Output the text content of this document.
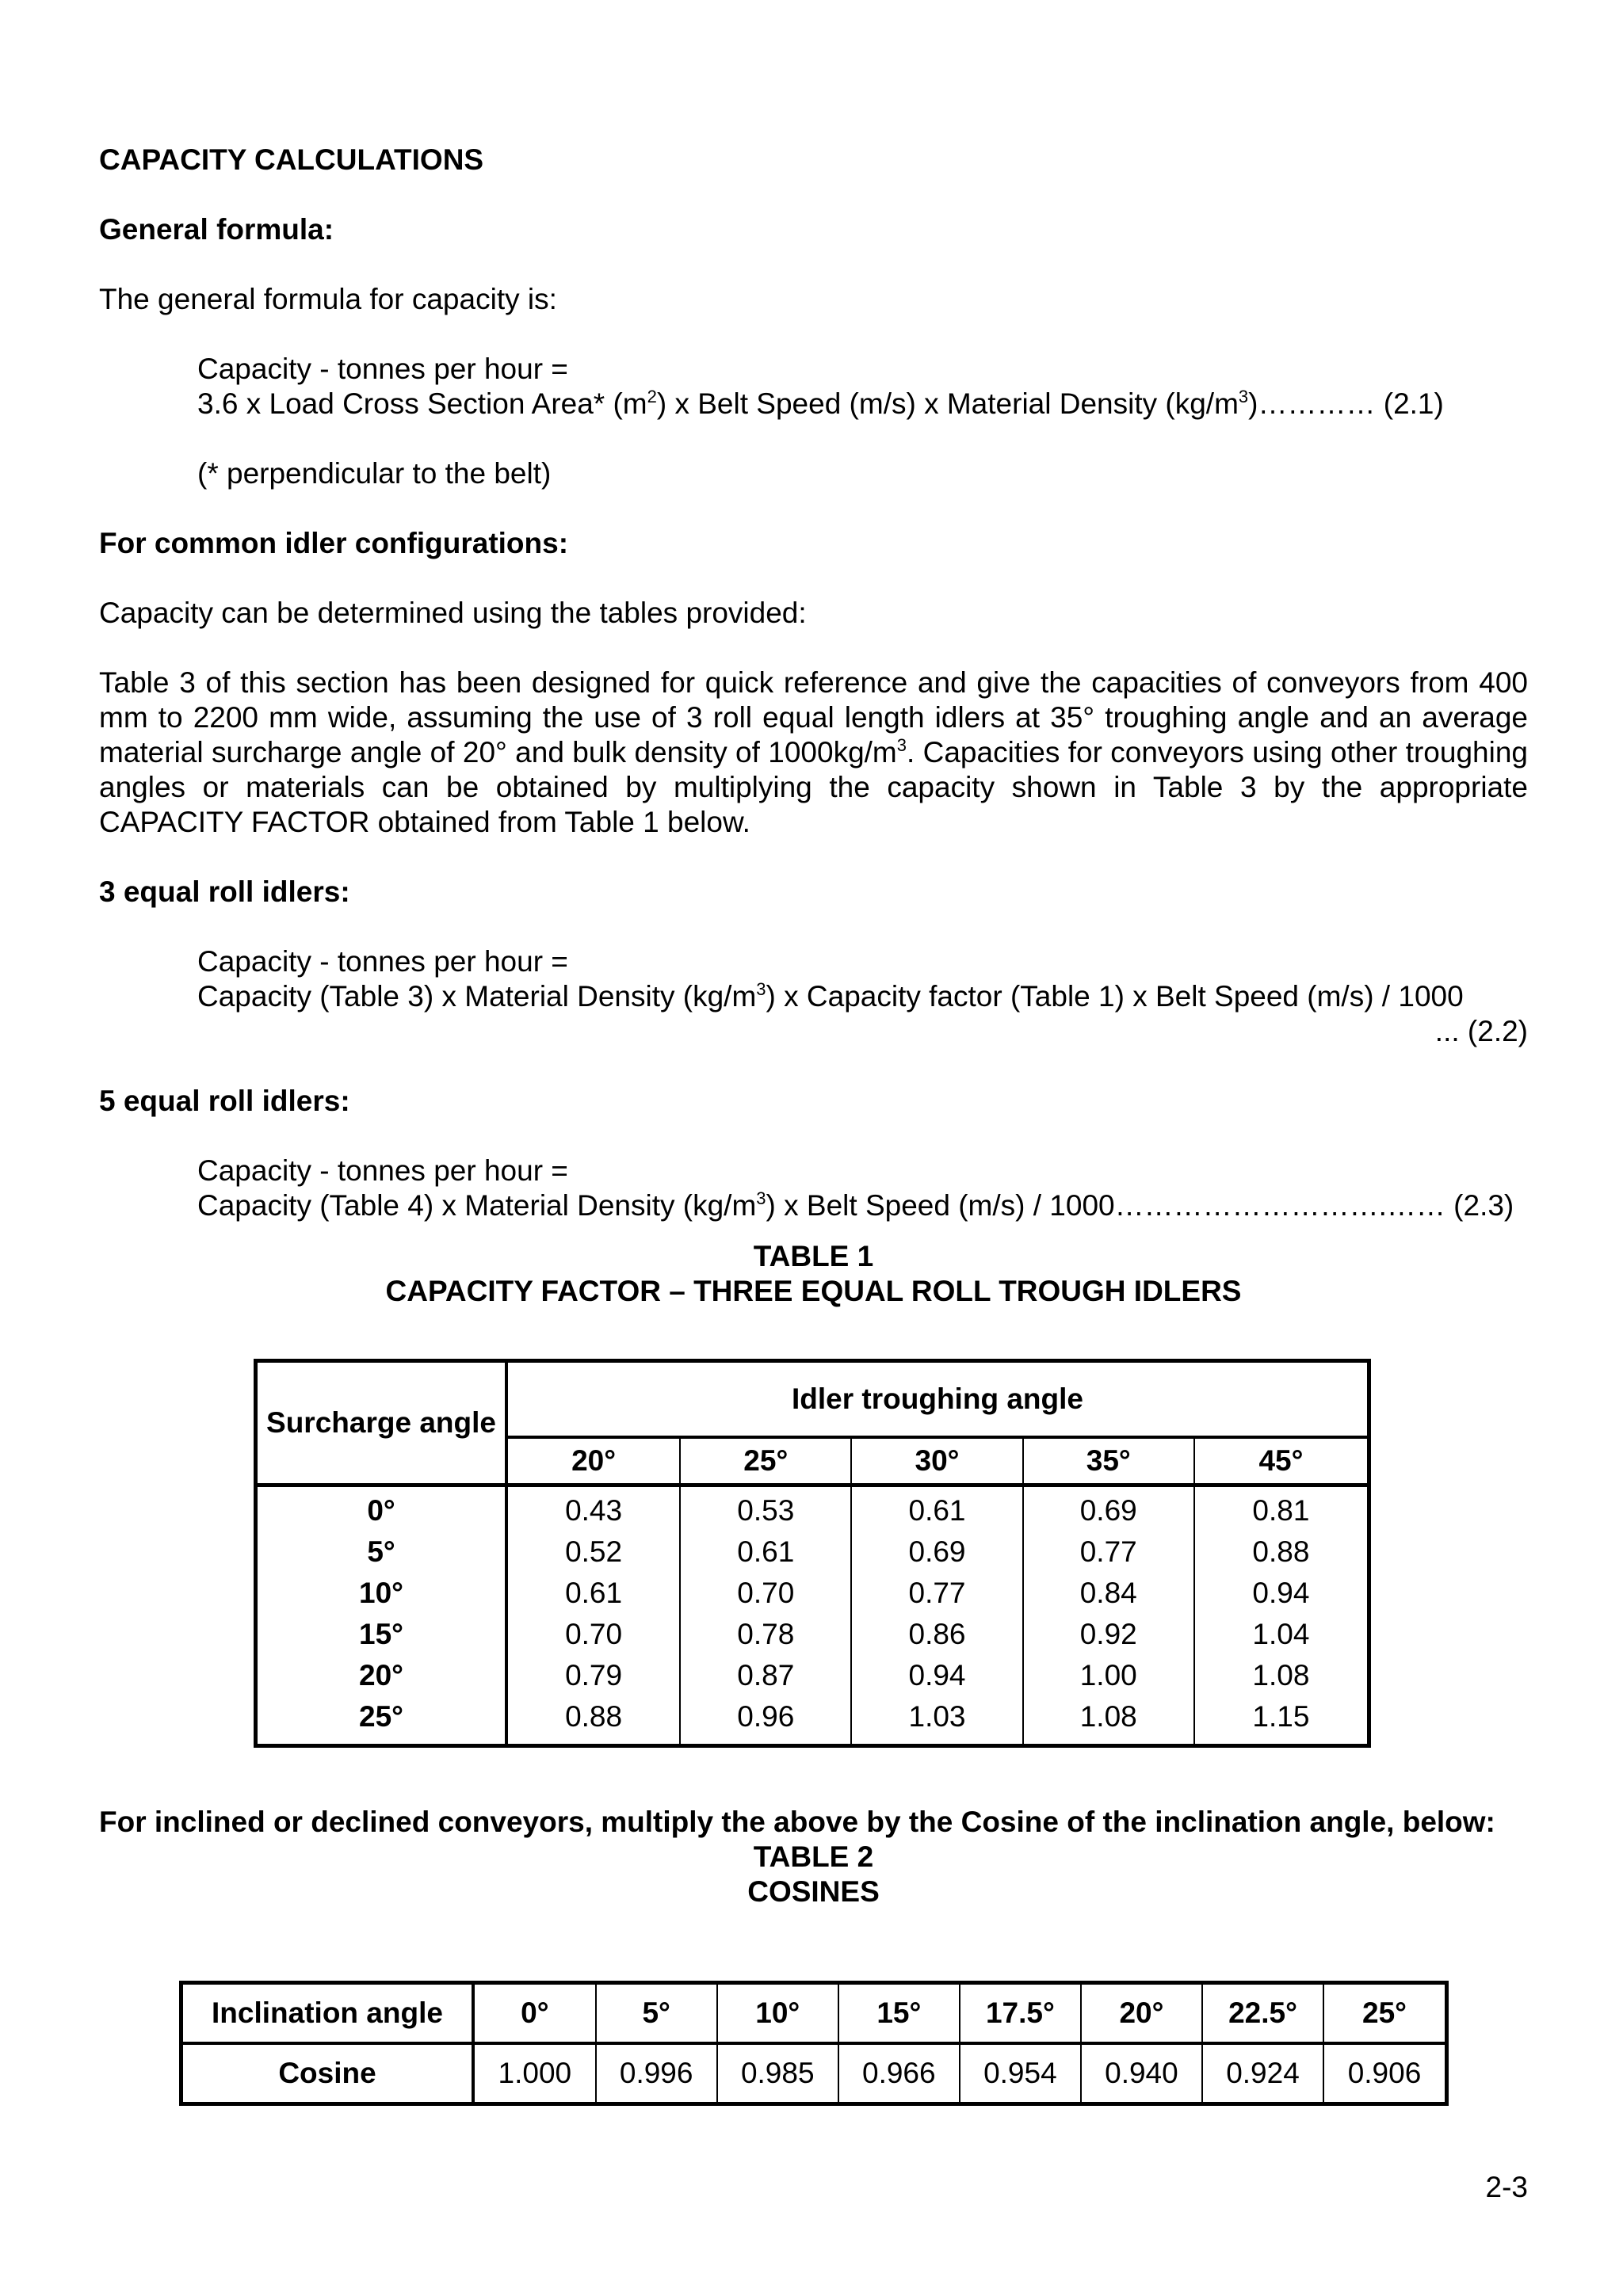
CAPACITY CALCULATIONS

General formula:

The general formula for capacity is:

Capacity - tonnes per hour =

3.6 x Load Cross Section Area* $(m^2)$ x Belt Speed (m/s) x Material Density $(kg/m^3)\dots\dots\dots\dots$ (2.1)

(* perpendicular to the belt)

For common idler configurations:

Capacity can be determined using the tables provided:

Table 3 of this section has been designed for quick reference and give the capacities of conveyors from 400 mm to 2200 mm wide, assuming the use of 3 roll equal length idlers at 35° troughing angle and an average material surcharge angle of 20° and bulk density of $1000kg/m^3$. Capacities for conveyors using other troughing angles or materials can be obtained by multiplying the capacity shown in Table 3 by the appropriate CAPACITY FACTOR obtained from Table 1 below.

3 equal roll idlers:

Capacity - tonnes per hour =

Capacity (Table 3) x Material Density $(kg/m^3)$ x Capacity factor (Table 1) x Belt Speed (m/s) / 1000

... (2.2)

5 equal roll idlers:

Capacity - tonnes per hour =

Capacity (Table 4) x Material Density $(kg/m^3)$ x Belt Speed (m/s) / 1000……………………….…… (2.3)

TABLE 1

CAPACITY FACTOR – THREE EQUAL ROLL TROUGH IDLERS

Surcharge angle	Idler troughing angle				
	20°	25°	30°	35°	45°
0°	0.43	0.53	0.61	0.69	0.81
5°	0.52	0.61	0.69	0.77	0.88
10°	0.61	0.70	0.77	0.84	0.94
15°	0.70	0.78	0.86	0.92	1.04
20°	0.79	0.87	0.94	1.00	1.08
25°	0.88	0.96	1.03	1.08	1.15

For inclined or declined conveyors, multiply the above by the Cosine of the inclination angle, below:

TABLE 2

COSINES

Inclination angle	0°	5°	10°	15°	17.5°	20°	22.5°	25°
Cosine	1.000	0.996	0.985	0.966	0.954	0.940	0.924	0.906
2-3
